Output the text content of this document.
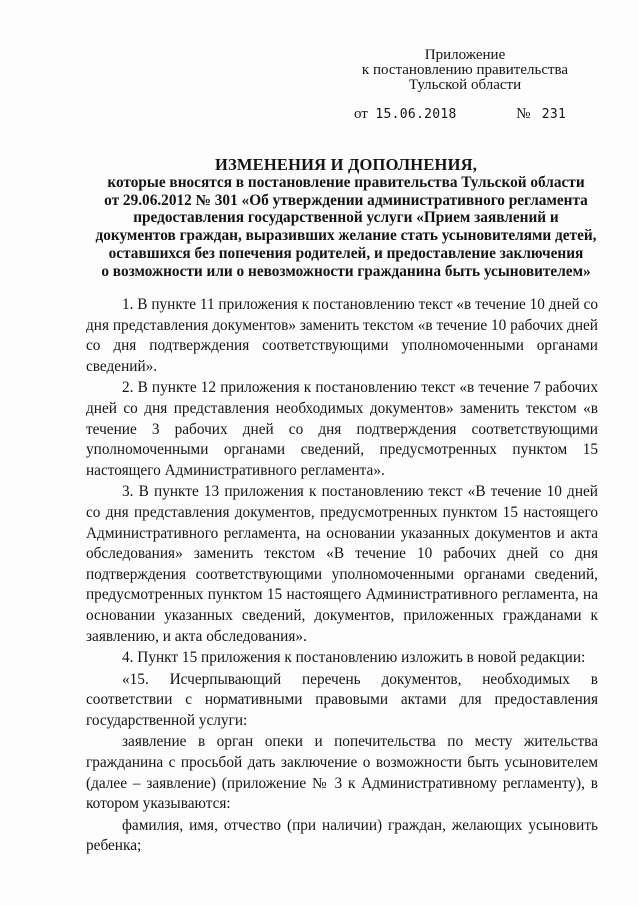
Приложение
к постановлению правительства
Тульской области
от 15.06.2018	№ 231
ИЗМЕНЕНИЯ И ДОПОЛНЕНИЯ,
которые вносятся в постановление правительства Тульской области
от 29.06.2012 № 301 «Об утверждении административного регламента
предоставления государственной услуги «Прием заявлений и
документов граждан, выразивших желание стать усыновителями детей,
оставшихся без попечения родителей, и предоставление заключения
о возможности или о невозможности гражданина быть усыновителем»

1. В пункте 11 приложения к постановлению текст «в течение 10 дней со дня представления документов» заменить текстом «в течение 10 рабочих дней со дня подтверждения соответствующими уполномоченными органами сведений».

2. В пункте 12 приложения к постановлению текст «в течение 7 рабочих дней со дня представления необходимых документов» заменить текстом «в течение 3 рабочих дней со дня подтверждения соответствующими уполномоченными органами сведений, предусмотренных пунктом 15 настоящего Административного регламента».

3. В пункте 13 приложения к постановлению текст «В течение 10 дней со дня представления документов, предусмотренных пунктом 15 настоящего Административного регламента, на основании указанных документов и акта обследования» заменить текстом «В течение 10 рабочих дней со дня подтверждения соответствующими уполномоченными органами сведений, предусмотренных пунктом 15 настоящего Административного регламента, на основании указанных сведений, документов, приложенных гражданами к заявлению, и акта обследования».

4. Пункт 15 приложения к постановлению изложить в новой редакции:

«15. Исчерпывающий перечень документов, необходимых в соответствии с нормативными правовыми актами для предоставления государственной услуги:

заявление в орган опеки и попечительства по месту жительства гражданина с просьбой дать заключение о возможности быть усыновителем (далее – заявление) (приложение № 3 к Административному регламенту), в котором указываются:

фамилия, имя, отчество (при наличии) граждан, желающих усыновить ребенка;
